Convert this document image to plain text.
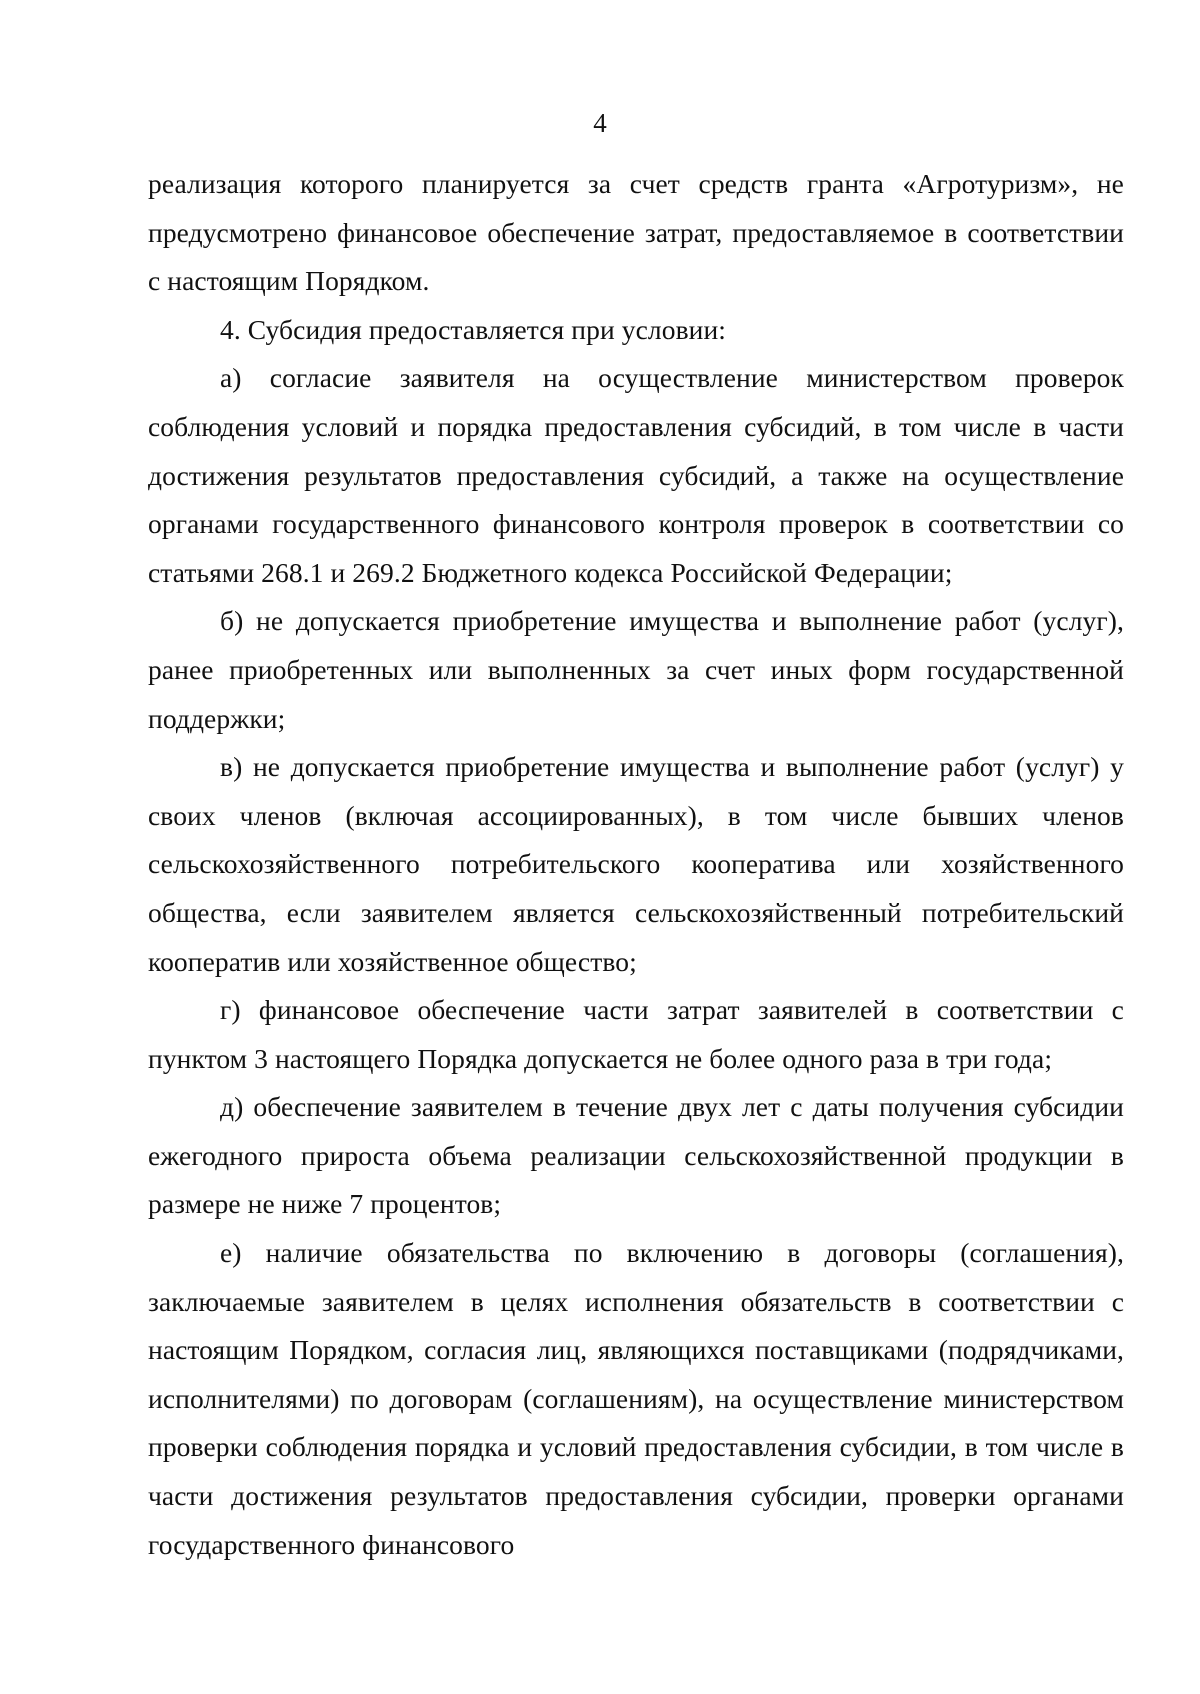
4

реализация которого планируется за счет средств гранта «Агротуризм», не предусмотрено финансовое обеспечение затрат, предоставляемое в соответствии с настоящим Порядком.

4. Субсидия предоставляется при условии:

а) согласие заявителя на осуществление министерством проверок соблюдения условий и порядка предоставления субсидий, в том числе в части достижения результатов предоставления субсидий, а также на осуществление органами государственного финансового контроля проверок в соответствии со статьями 268.1 и 269.2 Бюджетного кодекса Российской Федерации;

б) не допускается приобретение имущества и выполнение работ (услуг), ранее приобретенных или выполненных за счет иных форм государственной поддержки;

в) не допускается приобретение имущества и выполнение работ (услуг) у своих членов (включая ассоциированных), в том числе бывших членов сельскохозяйственного потребительского кооператива или хозяйственного общества, если заявителем является сельскохозяйственный потребительский кооператив или хозяйственное общество;

г) финансовое обеспечение части затрат заявителей в соответствии с пунктом 3 настоящего Порядка допускается не более одного раза в три года;

д) обеспечение заявителем в течение двух лет с даты получения субсидии ежегодного прироста объема реализации сельскохозяйственной продукции в размере не ниже 7 процентов;

е) наличие обязательства по включению в договоры (соглашения), заключаемые заявителем в целях исполнения обязательств в соответствии с настоящим Порядком, согласия лиц, являющихся поставщиками (подрядчиками, исполнителями) по договорам (соглашениям), на осуществление министерством проверки соблюдения порядка и условий предоставления субсидии, в том числе в части достижения результатов предоставления субсидии, проверки органами государственного финансового
